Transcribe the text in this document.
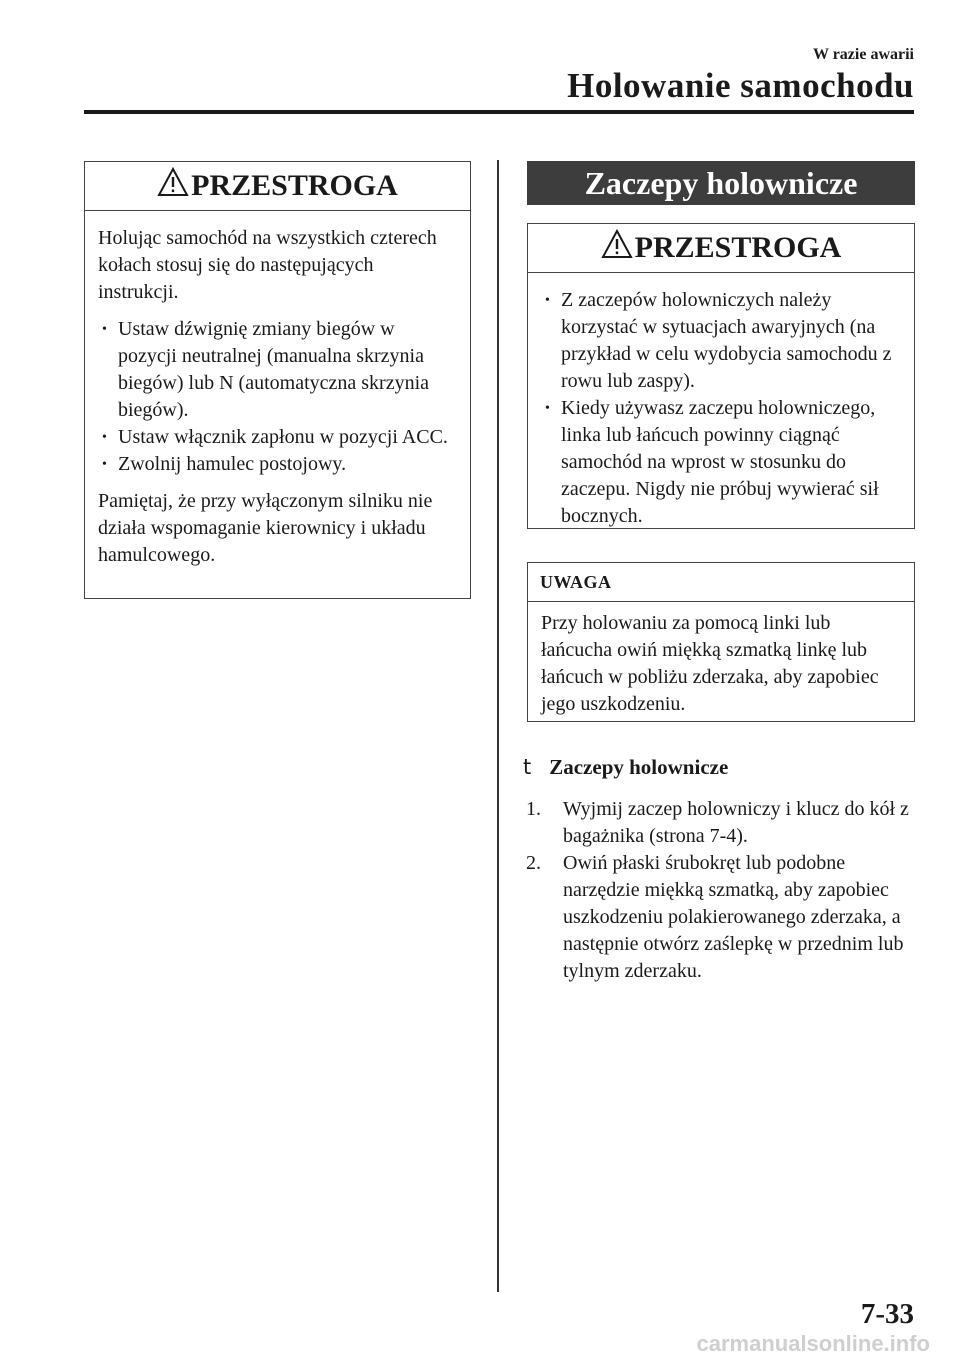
W razie awarii
Holowanie samochodu
PRZESTROGA

Holując samochód na wszystkich czterech kołach stosuj się do następujących instrukcji.

• Ustaw dźwignię zmiany biegów w pozycji neutralnej (manualna skrzynia biegów) lub N (automatyczna skrzynia biegów).
• Ustaw włącznik zapłonu w pozycji ACC.
• Zwolnij hamulec postojowy.

Pamiętaj, że przy wyłączonym silniku nie działa wspomaganie kierownicy i układu hamulcowego.

Zaczepy holownicze
PRZESTROGA
• Z zaczepów holowniczych należy korzystać w sytuacjach awaryjnych (na przykład w celu wydobycia samochodu z rowu lub zaspy).
• Kiedy używasz zaczepu holowniczego, linka lub łańcuch powinny ciągnąć samochód na wprost w stosunku do zaczepu. Nigdy nie próbuj wywierać sił bocznych.
UWAGA

Przy holowaniu za pomocą linki lub łańcucha owiń miękką szmatką linkę lub łańcuch w pobliżu zderzaka, aby zapobiec jego uszkodzeniu.

t Zaczepy holownicze
1. Wyjmij zaczep holowniczy i klucz do kół z bagażnika (strona 7-4).
2. Owiń płaski śrubokręt lub podobne narzędzie miękką szmatką, aby zapobiec uszkodzeniu polakierowanego zderzaka, a następnie otwórz zaślepkę w przednim lub tylnym zderzaku.
7-33
carmanualsonline.info
